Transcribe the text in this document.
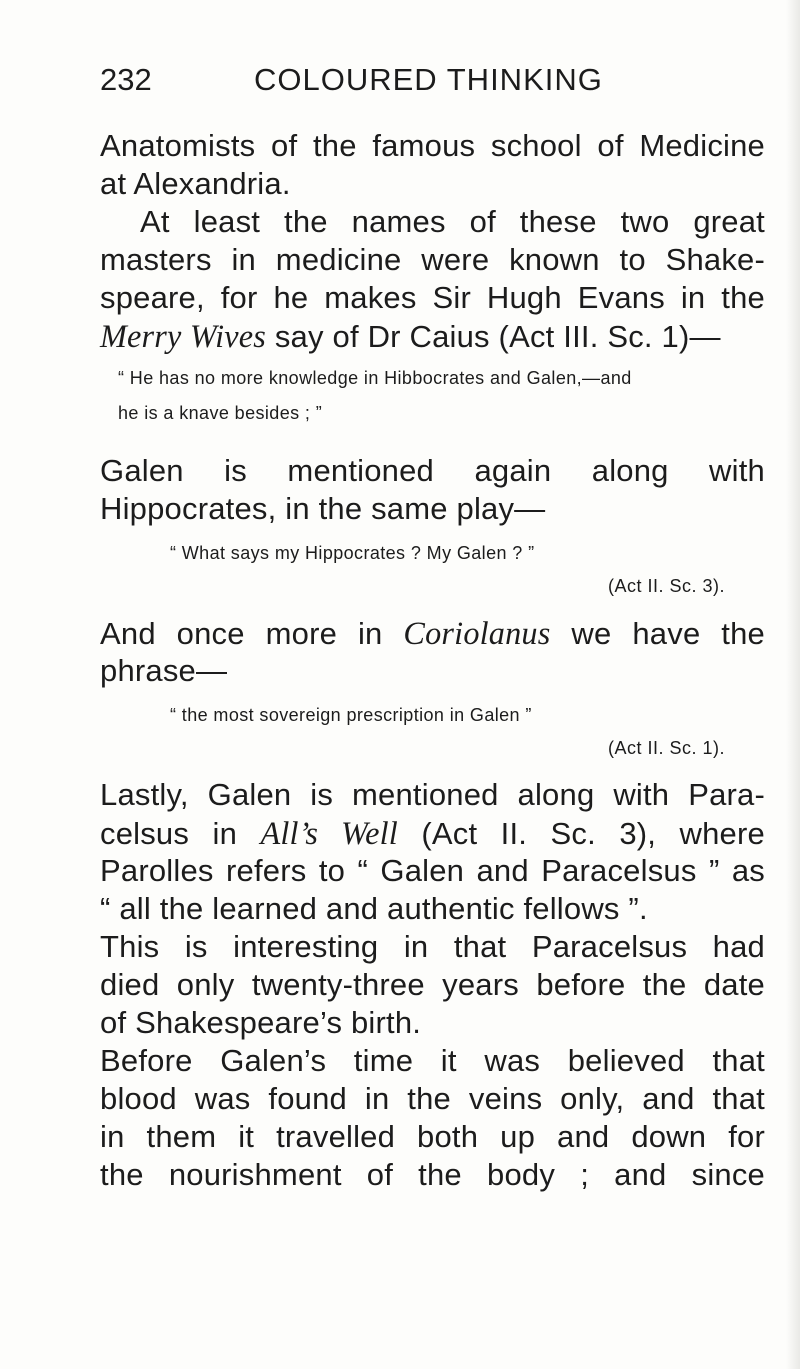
232	COLOURED THINKING
Anatomists of the famous school of Medicine
at Alexandria.
At least the names of these two great
masters in medicine were known to Shake-
speare, for he makes Sir Hugh Evans in the
Merry Wives say of Dr Caius (Act III. Sc. 1)—
“ He has no more knowledge in Hibbocrates and Galen,—and
he is a knave besides ; ”
Galen is mentioned again along with
Hippocrates, in the same play—
“ What says my Hippocrates ? My Galen ? ”
(Act II. Sc. 3).
And once more in Coriolanus we have the
phrase—
“ the most sovereign prescription in Galen ”
(Act II. Sc. 1).
Lastly, Galen is mentioned along with Para-
celsus in All’s Well (Act II. Sc. 3), where
Parolles refers to “ Galen and Paracelsus ” as
“ all the learned and authentic fellows ”.
This is interesting in that Paracelsus had
died only twenty-three years before the date
of Shakespeare’s birth.
Before Galen’s time it was believed that
blood was found in the veins only, and that
in them it travelled both up and down for
the nourishment of the body ; and since
